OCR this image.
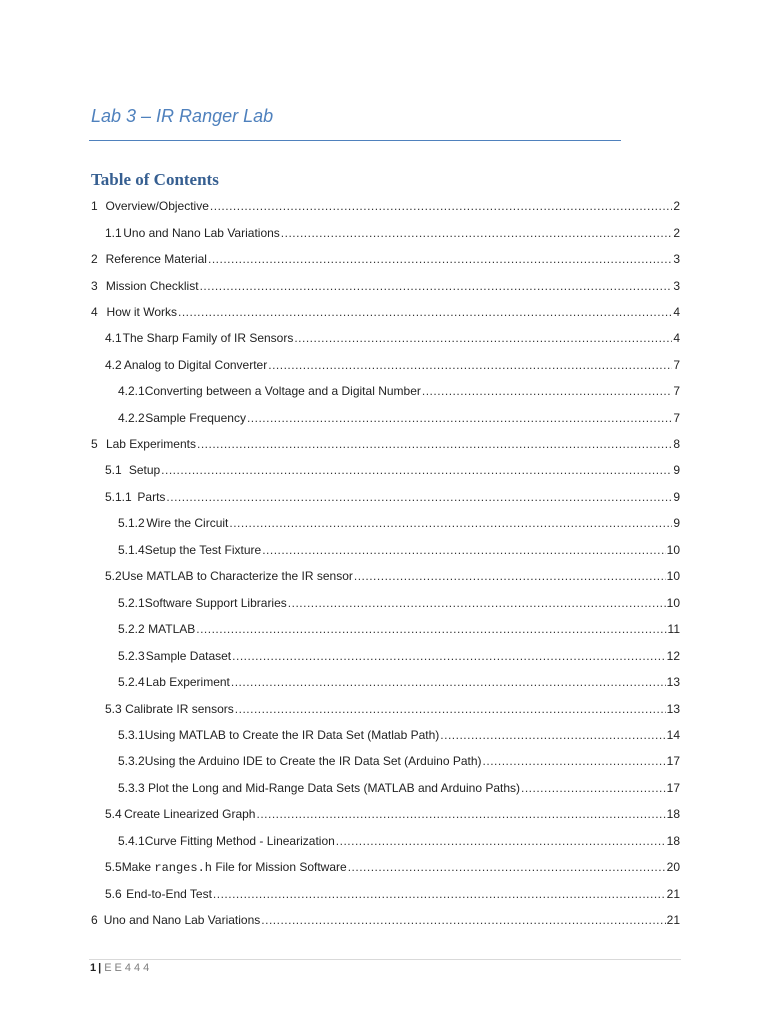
Lab 3 – IR Ranger Lab
Table of Contents
1 Overview/Objective .....	2
1.1 Uno and Nano Lab Variations .....	2
2 Reference Material .....	3
3 Mission Checklist .....	3
4 How it Works .....	4
4.1 The Sharp Family of IR Sensors .....	4
4.2 Analog to Digital Converter .....	7
4.2.1 Converting between a Voltage and a Digital Number .....	7
4.2.2 Sample Frequency .....	7
5 Lab Experiments .....	8
5.1 Setup .....	9
5.1.1 Parts .....	9
5.1.2 Wire the Circuit .....	9
5.1.4 Setup the Test Fixture .....	10
5.2 Use MATLAB to Characterize the IR sensor .....	10
5.2.1 Software Support Libraries .....	10
5.2.2 MATLAB .....	11
5.2.3 Sample Dataset .....	12
5.2.4 Lab Experiment .....	13
5.3 Calibrate IR sensors .....	13
5.3.1 Using MATLAB to Create the IR Data Set (Matlab Path) .....	14
5.3.2 Using the Arduino IDE to Create the IR Data Set (Arduino Path) .....	17
5.3.3 Plot the Long and Mid-Range Data Sets (MATLAB and Arduino Paths) .....	17
5.4 Create Linearized Graph .....	18
5.4.1 Curve Fitting Method - Linearization .....	18
5.5 Make ranges.h File for Mission Software .....	20
5.6 End-to-End Test .....	21
6 Uno and Nano Lab Variations .....	21
1 | EE444
